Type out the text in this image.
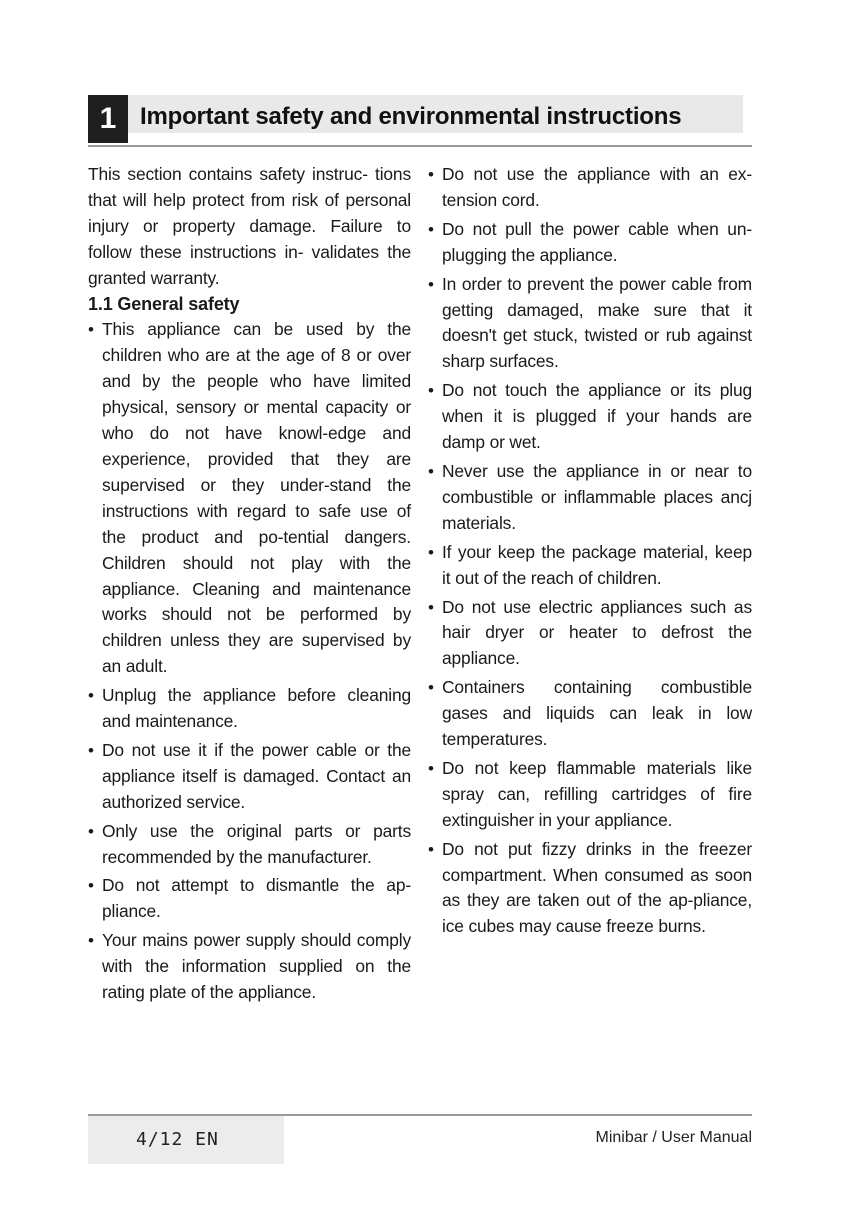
1 Important safety and environmental instructions

This section contains safety instruc- tions that will help protect from risk of personal injury or property damage. Failure to follow these instructions in- validates the granted warranty.

1.1 General safety

• This appliance can be used by the children who are at the age of 8 or over and by the people who have limited physical, sensory or mental capacity or who do not have knowl-edge and experience, provided that they are supervised or they under-stand the instructions with regard to safe use of the product and po-tential dangers. Children should not play with the appliance. Cleaning and maintenance works should not be performed by children unless they are supervised by an adult.
• Unplug the appliance before cleaning and maintenance.
• Do not use it if the power cable or the appliance itself is damaged. Contact an authorized service.
• Only use the original parts or parts recommended by the manufacturer.
• Do not attempt to dismantle the ap-pliance.
• Your mains power supply should comply with the information supplied on the rating plate of the appliance.
• Do not use the appliance with an ex-tension cord.
• Do not pull the power cable when un-plugging the appliance.
• In order to prevent the power cable from getting damaged, make sure that it doesn't get stuck, twisted or rub against sharp surfaces.
• Do not touch the appliance or its plug when it is plugged if your hands are damp or wet.
• Never use the appliance in or near to combustible or inflammable places ancj materials.
• If your keep the package material, keep it out of the reach of children.
• Do not use electric appliances such as hair dryer or heater to defrost the appliance.
• Containers containing combustible gases and liquids can leak in low temperatures.
• Do not keep flammable materials like spray can, refilling cartridges of fire extinguisher in your appliance.
• Do not put fizzy drinks in the freezer compartment. When consumed as soon as they are taken out of the ap-pliance, ice cubes may cause freeze burns.
4/12 EN	Minibar / User Manual
